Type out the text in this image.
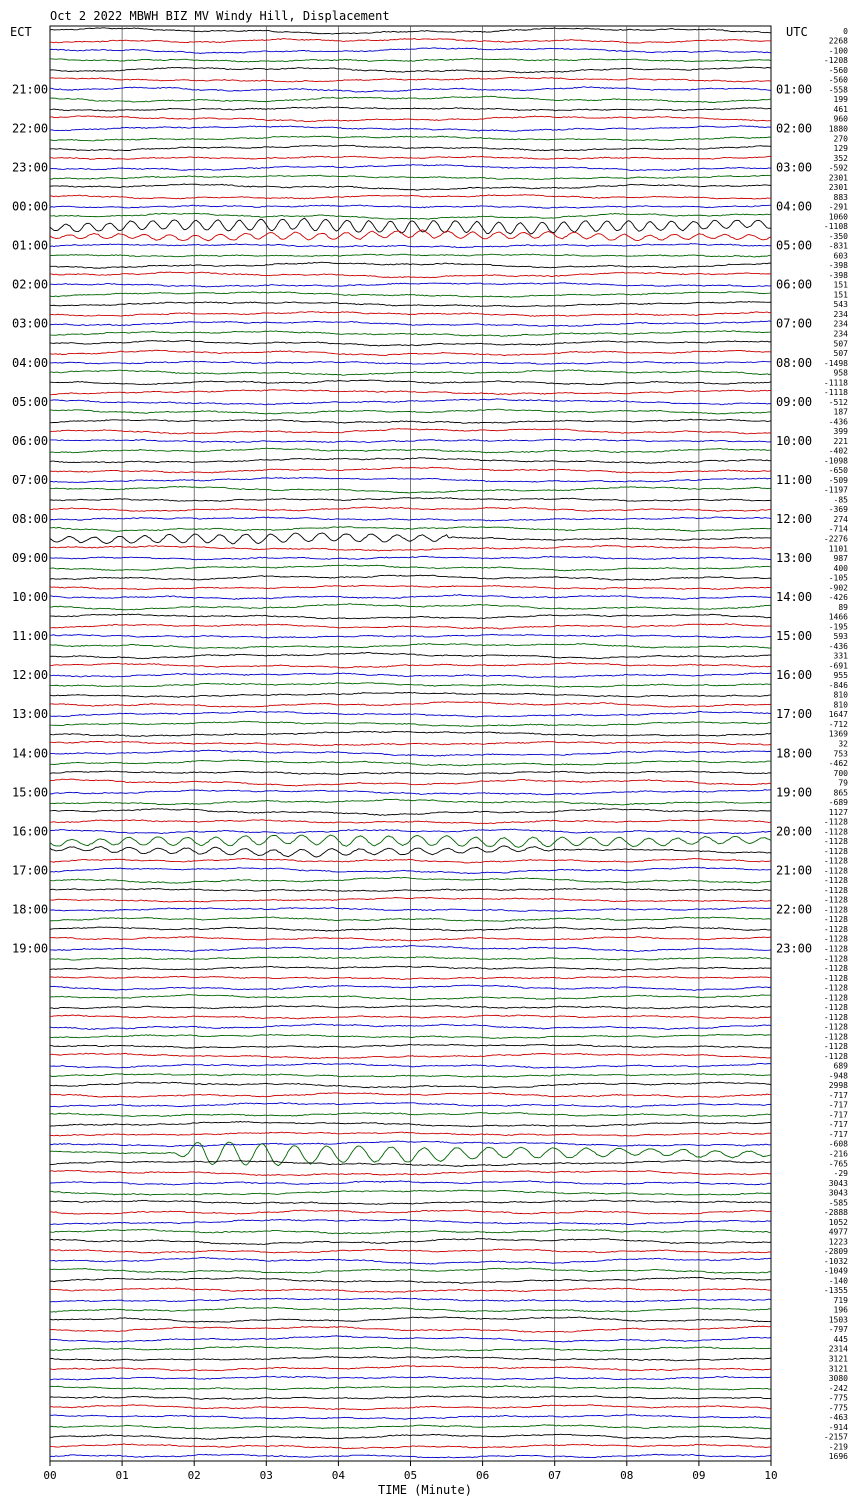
Oct 2 2022 MBWH BIZ MV Windy Hill, Displacement
ECT	UTC
21:00
22:00
23:00
00:00
01:00
02:00
03:00
04:00
05:00
06:00
07:00
08:00
09:00
10:00
11:00
12:00
13:00
14:00
15:00
16:00
17:00
18:00
19:00
01:00
02:00
03:00
04:00
05:00
06:00
07:00
08:00
09:00
10:00
11:00
12:00
13:00
14:00
15:00
16:00
17:00
18:00
19:00
20:00
21:00
22:00
23:00
0
2268
-100
-1208
-560
-560
-558
199
461
960
1880
270
129
352
-592
2301
2301
883
-291
1060
-1108
-350
-831
603
-398
-398
151
151
543
234
234
234
507
507
-1498
958
-1118
-1118
-512
187
-436
399
221
-402
-1098
-650
-509
-1197
-85
-369
274
-714
-2276
1101
987
400
-105
-902
-426
89
1466
-195
593
-436
331
-691
955
-846
810
810
1647
-712
1369
32
753
-462
700
79
865
-689
1127
-1128
-1128
-1128
-1128
-1128
-1128
-1128
-1128
-1128
-1128
-1128
-1128
-1128
-1128
-1128
-1128
-1128
-1128
-1128
-1128
-1128
-1128
-1128
-1128
-1128
689
-948
2998
-717
-717
-717
-717
-717
-608
-216
-765
-29
3043
3043
-585
-2888
1052
4977
1223
-2809
-1032
-1049
-140
-1355
719
196
1503
-797
445
2314
3121
3121
3080
-242
-775
-775
-463
-914
-2157
-219
1696
00	01	02	03	04	05	06	07	08	09	10
TIME (Minute)
